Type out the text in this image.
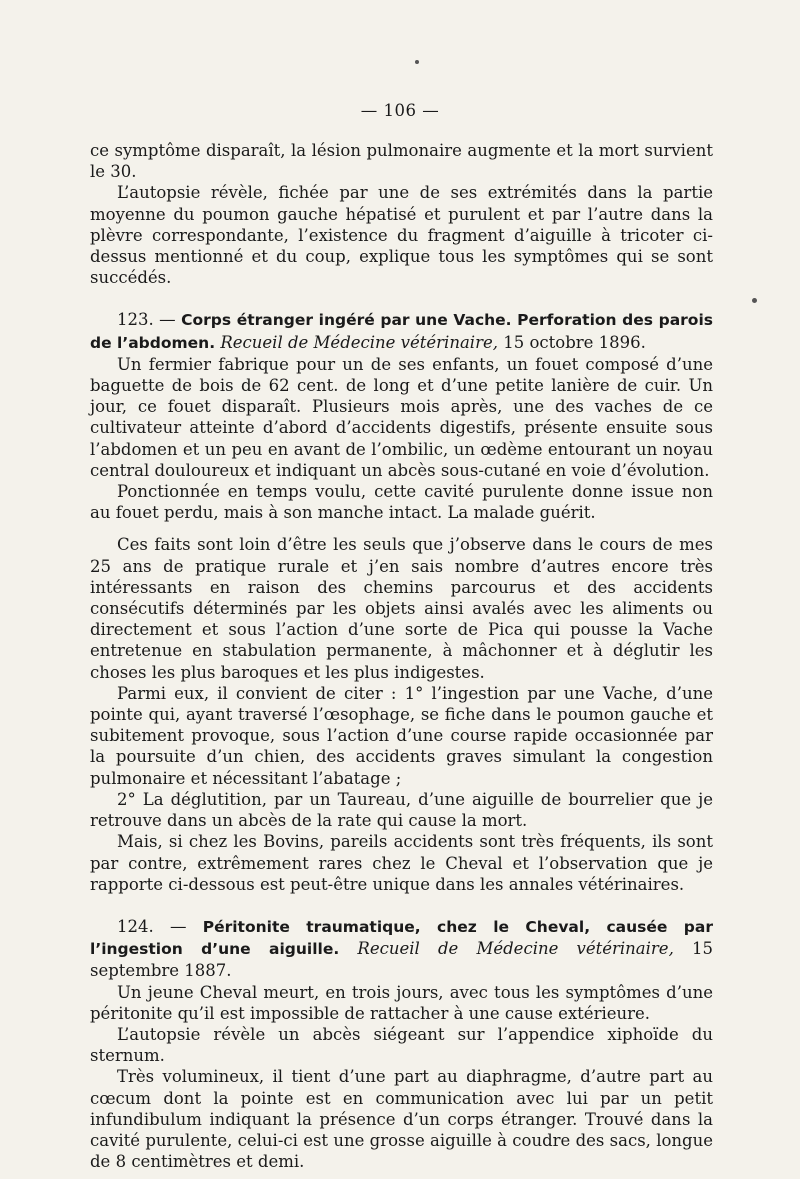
— 106 —

ce symptôme disparaît, la lésion pulmonaire augmente et la mort survient le 30.

L’autopsie révèle, fichée par une de ses extrémités dans la partie moyenne du poumon gauche hépatisé et purulent et par l’autre dans la plèvre correspondante, l’existence du fragment d’aiguille à tricoter ci-dessus mentionné et du coup, explique tous les symptômes qui se sont succédés.

123. — Corps étranger ingéré par une Vache. Perforation des parois de l’abdomen. Recueil de Médecine vétérinaire, 15 octobre 1896.

Un fermier fabrique pour un de ses enfants, un fouet composé d’une baguette de bois de 62 cent. de long et d’une petite lanière de cuir. Un jour, ce fouet disparaît. Plusieurs mois après, une des vaches de ce cultivateur atteinte d’abord d’accidents digestifs, présente ensuite sous l’abdomen et un peu en avant de l’ombilic, un œdème entourant un noyau central douloureux et indiquant un abcès sous-cutané en voie d’évolution.

Ponctionnée en temps voulu, cette cavité purulente donne issue non au fouet perdu, mais à son manche intact. La malade guérit.

Ces faits sont loin d’être les seuls que j’observe dans le cours de mes 25 ans de pratique rurale et j’en sais nombre d’autres encore très intéressants en raison des chemins parcourus et des accidents consécutifs déterminés par les objets ainsi avalés avec les aliments ou directement et sous l’action d’une sorte de Pica qui pousse la Vache entretenue en stabulation permanente, à mâchonner et à déglutir les choses les plus baroques et les plus indigestes.

Parmi eux, il convient de citer : 1° l’ingestion par une Vache, d’une pointe qui, ayant traversé l’œsophage, se fiche dans le poumon gauche et subitement provoque, sous l’action d’une course rapide occasionnée par la poursuite d’un chien, des accidents graves simulant la congestion pulmonaire et nécessitant l’abatage ;

2° La déglutition, par un Taureau, d’une aiguille de bourrelier que je retrouve dans un abcès de la rate qui cause la mort.

Mais, si chez les Bovins, pareils accidents sont très fréquents, ils sont par contre, extrêmement rares chez le Cheval et l’observation que je rapporte ci-dessous est peut-être unique dans les annales vétérinaires.

124. — Péritonite traumatique, chez le Cheval, causée par l’ingestion d’une aiguille. Recueil de Médecine vétérinaire, 15 septembre 1887.

Un jeune Cheval meurt, en trois jours, avec tous les symptômes d’une péritonite qu’il est impossible de rattacher à une cause extérieure.

L’autopsie révèle un abcès siégeant sur l’appendice xiphoïde du sternum.

Très volumineux, il tient d’une part au diaphragme, d’autre part au cœcum dont la pointe est en communication avec lui par un petit infundibulum indiquant la présence d’un corps étranger. Trouvé dans la cavité purulente, celui-ci est une grosse aiguille à coudre des sacs, longue de 8 centimètres et demi.
